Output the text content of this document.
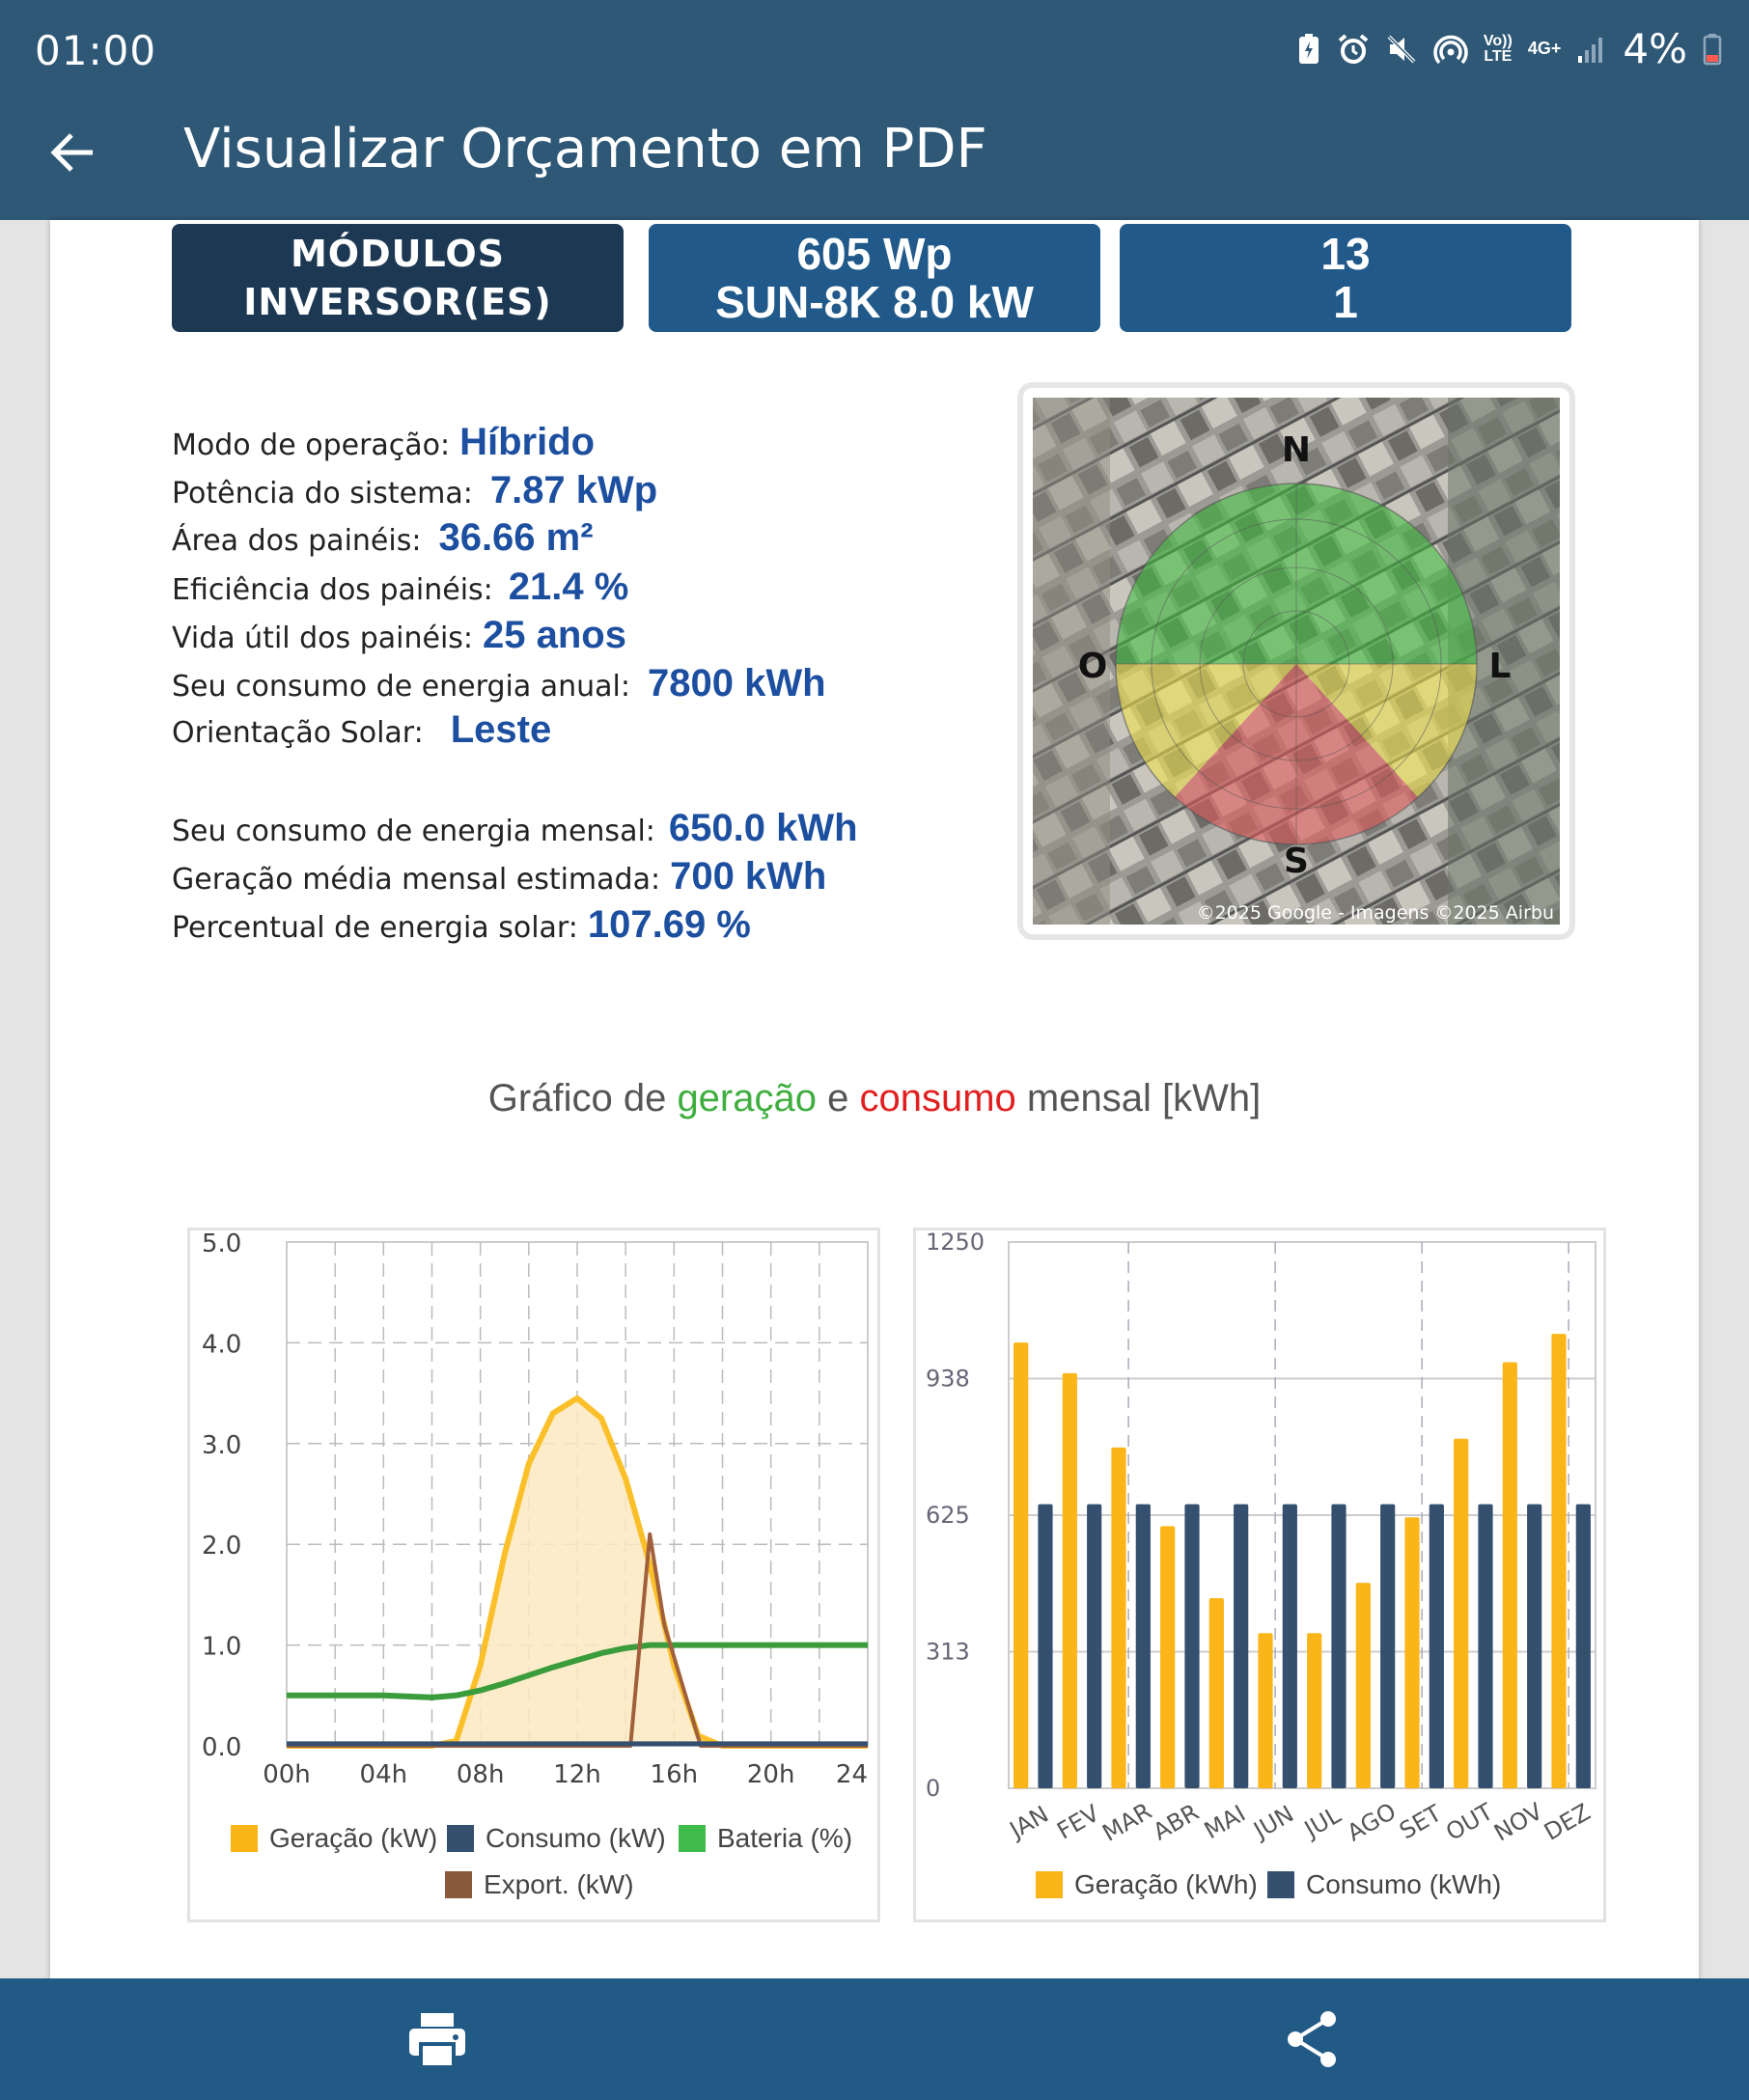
01:00	Vo)) LTE 4G+ 4%
Visualizar Orçamento em PDF
MÓDULOS
INVERSOR(ES)
605 Wp
SUN-8K 8.0 kW
13
1
Modo de operação: Híbrido
Potência do sistema: 7.87 kWp
Área dos painéis: 36.66 m²
Eficiência dos painéis: 21.4 %
Vida útil dos painéis: 25 anos
Seu consumo de energia anual: 7800 kWh
Orientação Solar: Leste
Seu consumo de energia mensal: 650.0 kWh
Geração média mensal estimada: 700 kWh
Percentual de energia solar: 107.69 %
N
S
L
O
©2025 Google - Imagens ©2025 Airbu
Gráfico de geração e consumo mensal [kWh]
0.0
1.0
2.0
3.0
4.0
5.0
00h 04h 08h 12h 16h 20h 24
Geração (kW) Consumo (kW) Bateria (%)
Export. (kW)
0
313
625
938
1250
JAN FEV
MAR
ABR
MAI JUN JUL
AGO
SET
OUT
NOV
DEZ
Geração (kWh) Consumo (kWh)
